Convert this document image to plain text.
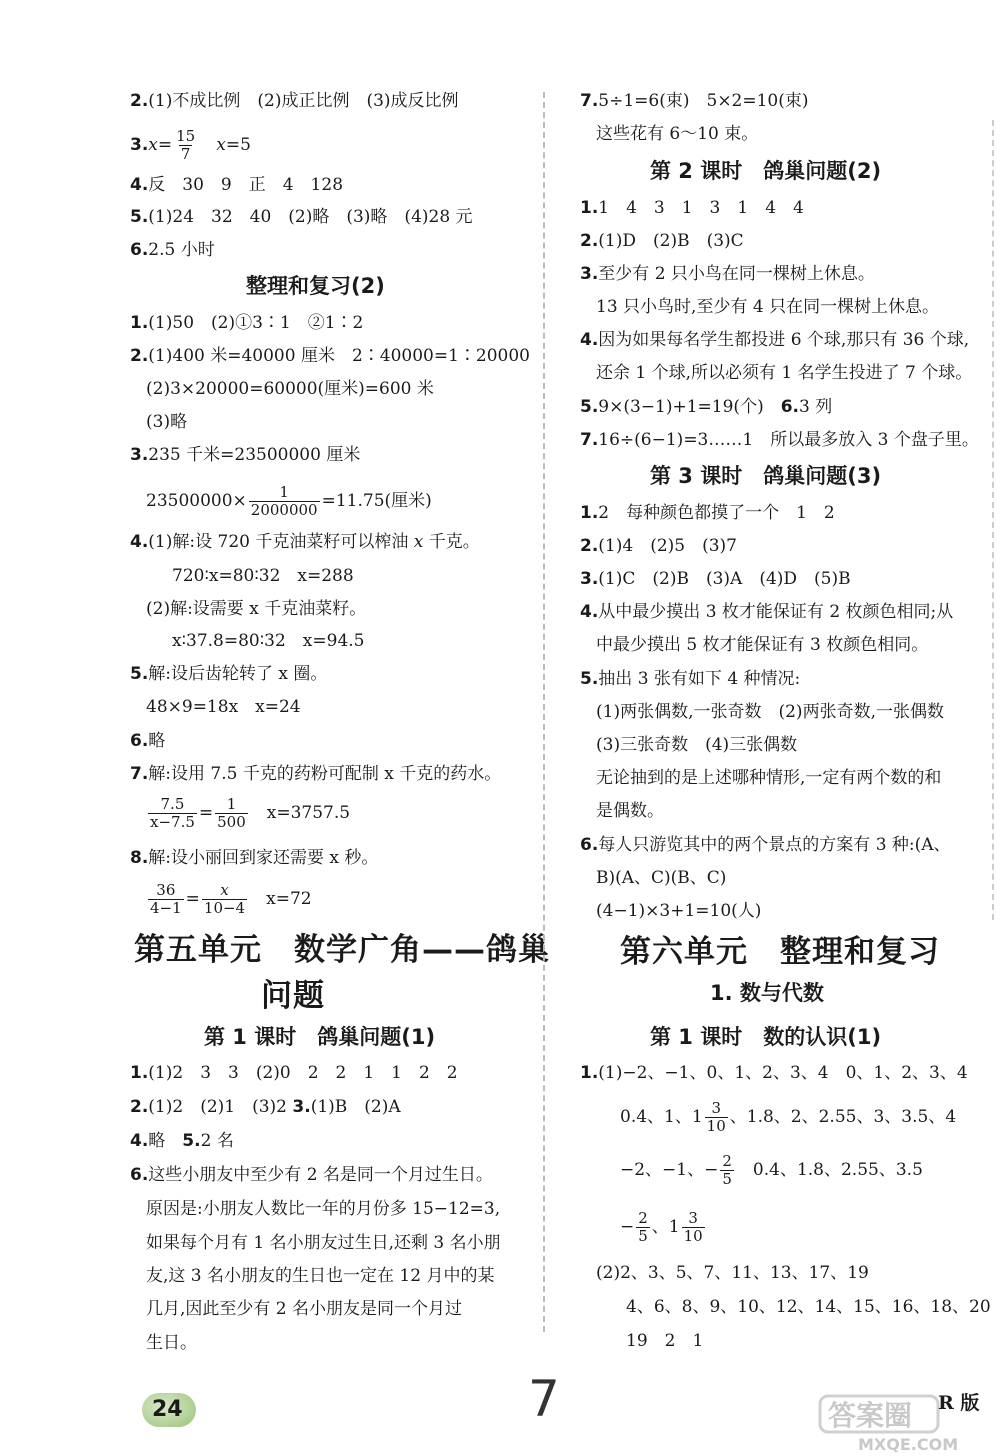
2.(1)不成比例　(2)成正比例　(3)成反比例
$3.x= \frac{15}{7}$
　 x=5
4.反　30　9　正　4　128
5.(1)24　32　40　(2)略　(3)略　(4)28 元
6.2.5 小时
整理和复习(2)
1.(1)50　(2)①3∶1　②1∶2
2.(1)400 米=40000 厘米　2∶40000=1∶20000
(2)3×20000=60000(厘米)=600 米
(3)略
3.235 千米=23500000 厘米
$23500000\times \frac{1}{2000000} =11.75$(厘米)
4.(1)解:设 720 千克油菜籽可以榨油 x 千克。
720∶x=80∶32　x=288
(2)解:设需要 x 千克油菜籽。
x∶37.8=80∶32　x=94.5
5.解:设后齿轮转了 x 圈。
48×9=18x　x=24
6.略
7.解:设用 7.5 千克的药粉可配制 x 千克的药水。
$\frac{7.5}{x-7.5} = \frac{1}{500}$
　 x=3757.5
8.解:设小丽回到家还需要 x 秒。
$\frac{36}{4-1} = \frac{x}{10-4}$
　 x=72
第五单元　数学广角——鸽巢
问题
第 1 课时　鸽巢问题(1)
1.(1)2　3　3　(2)0　2　2　1　1　2　2
2.(1)2　(2)1　(3)2 3.(1)B　(2)A
4.略　 5.2 名
6.这些小朋友中至少有 2 名是同一个月过生日。
原因是:小朋友人数比一年的月份多 15−12=3,
如果每个月有 1 名小朋友过生日,还剩 3 名小朋
友,这 3 名小朋友的生日也一定在 12 月中的某
几月,因此至少有 2 名小朋友是同一个月过
生日。
7.5÷1=6(束)　5×2=10(束)
这些花有 6～10 束。
第 2 课时　鸽巢问题(2)
1.1　4　3　1　3　1　4　4
2.(1)D　(2)B　(3)C
3.至少有 2 只小鸟在同一棵树上休息。
13 只小鸟时,至少有 4 只在同一棵树上休息。
4.因为如果每名学生都投进 6 个球,那只有 36 个球,
还余 1 个球,所以必须有 1 名学生投进了 7 个球。
5.9×(3−1)+1=19(个)　 6.3 列
7.16÷(6−1)=3……1　所以最多放入 3 个盘子里。
第 3 课时　鸽巢问题(3)
1.2　每种颜色都摸了一个　1　2
2.(1)4　(2)5　(3)7
3.(1)C　(2)B　(3)A　(4)D　(5)B
4.从中最少摸出 3 枚才能保证有 2 枚颜色相同;从
中最少摸出 5 枚才能保证有 3 枚颜色相同。
5.抽出 3 张有如下 4 种情况:
(1)两张偶数,一张奇数　(2)两张奇数,一张偶数
(3)三张奇数　(4)三张偶数
无论抽到的是上述哪种情形,一定有两个数的和
是偶数。
6.每人只游览其中的两个景点的方案有 3 种:(A、
B)(A、C)(B、C)
(4−1)×3+1=10(人)
第六单元　整理和复习
1. 数与代数
第 1 课时　数的认识(1)
1.(1)−2、−1、0、1、2、3、4　0、1、2、3、4
0.4、1、$1 \frac{3}{10}$ 、1.8、2、2.55、3、3.5、4
−2、−1、− $\frac{2}{5}$ 　0.4、1.8、2.55、3.5
− $\frac{2}{5}$ 、$1 \frac{3}{10}$
(2)2、3、5、7、11、13、17、19
4、6、8、9、10、12、14、15、16、18、20
19　2　1
24	7	答案圈
MXQE.COM
R 版
